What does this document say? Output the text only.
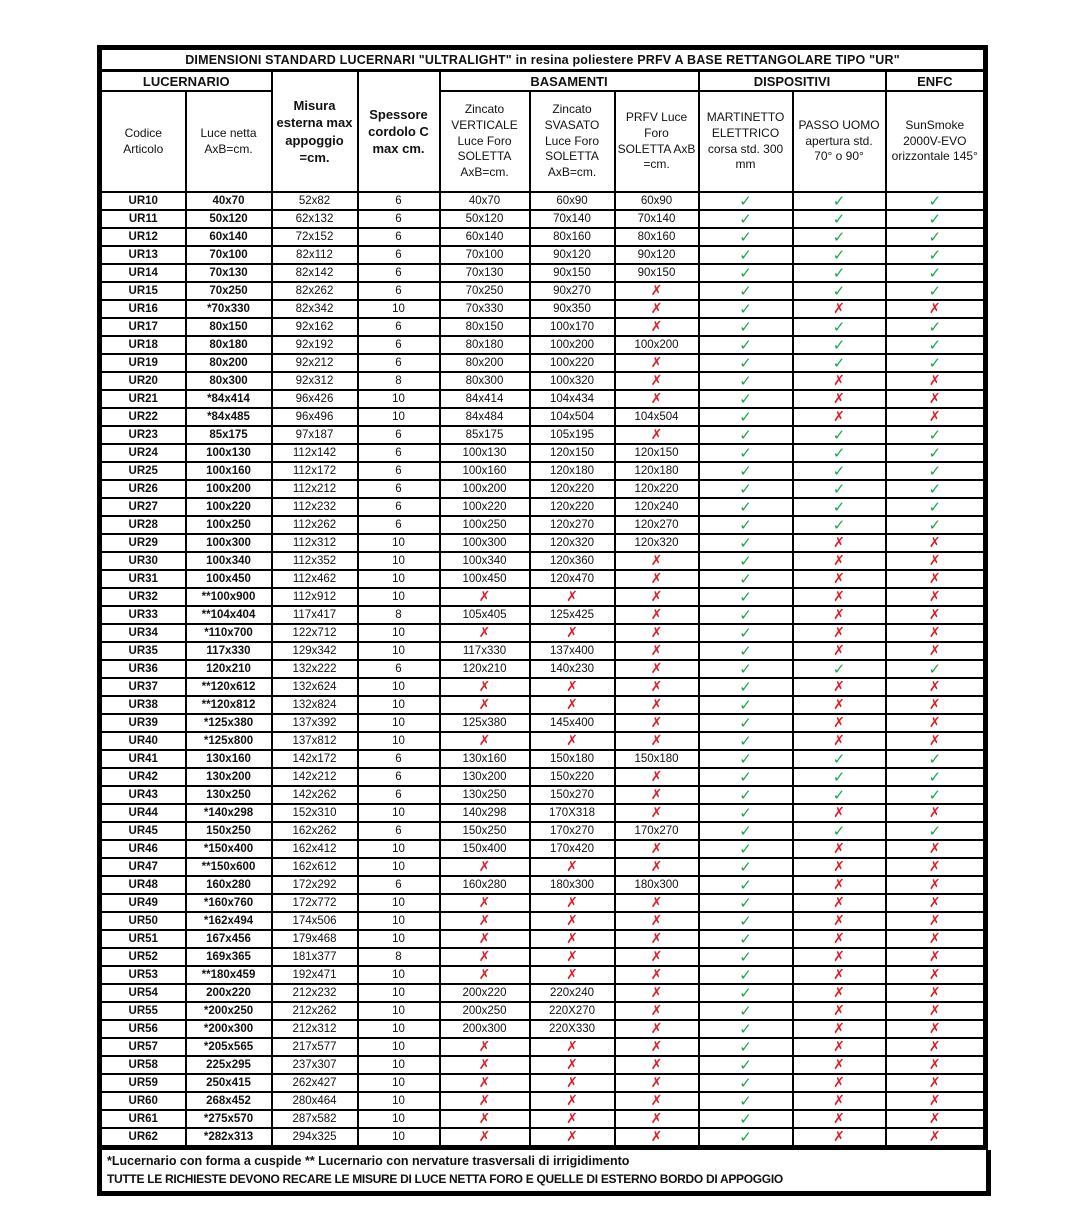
DIMENSIONI STANDARD LUCERNARI "ULTRALIGHT" in resina poliestere PRFV A BASE RETTANGOLARE TIPO "UR"									
LUCERNARIO		Misura esterna max appoggio =cm.	Spessore cordolo C max cm.	BASAMENTI			DISPOSITIVI		ENFC
Codice Articolo	Luce netta AxB=cm.			Zincato VERTICALE Luce Foro SOLETTA AxB=cm.	Zincato SVASATO Luce Foro SOLETTA AxB=cm.	PRFV Luce Foro SOLETTA AxB =cm.	MARTINETTO ELETTRICO corsa std. 300 mm	PASSO UOMO apertura std. 70° o 90°	SunSmoke 2000V-EVO orizzontale 145°
UR10	40x70	52x82	6	40x70	60x90	60x90	✓	✓	✓
UR11	50x120	62x132	6	50x120	70x140	70x140	✓	✓	✓
UR12	60x140	72x152	6	60x140	80x160	80x160	✓	✓	✓
UR13	70x100	82x112	6	70x100	90x120	90x120	✓	✓	✓
UR14	70x130	82x142	6	70x130	90x150	90x150	✓	✓	✓
UR15	70x250	82x262	6	70x250	90x270	✗	✓	✓	✓
UR16	*70x330	82x342	10	70x330	90x350	✗	✓	✗	✗
UR17	80x150	92x162	6	80x150	100x170	✗	✓	✓	✓
UR18	80x180	92x192	6	80x180	100x200	100x200	✓	✓	✓
UR19	80x200	92x212	6	80x200	100x220	✗	✓	✓	✓
UR20	80x300	92x312	8	80x300	100x320	✗	✓	✗	✗
UR21	*84x414	96x426	10	84x414	104x434	✗	✓	✗	✗
UR22	*84x485	96x496	10	84x484	104x504	104x504	✓	✗	✗
UR23	85x175	97x187	6	85x175	105x195	✗	✓	✓	✓
UR24	100x130	112x142	6	100x130	120x150	120x150	✓	✓	✓
UR25	100x160	112x172	6	100x160	120x180	120x180	✓	✓	✓
UR26	100x200	112x212	6	100x200	120x220	120x220	✓	✓	✓
UR27	100x220	112x232	6	100x220	120x220	120x240	✓	✓	✓
UR28	100x250	112x262	6	100x250	120x270	120x270	✓	✓	✓
UR29	100x300	112x312	10	100x300	120x320	120x320	✓	✗	✗
UR30	100x340	112x352	10	100x340	120x360	✗	✓	✗	✗
UR31	100x450	112x462	10	100x450	120x470	✗	✓	✗	✗
UR32	**100x900	112x912	10	✗	✗	✗	✓	✗	✗
UR33	**104x404	117x417	8	105x405	125x425	✗	✓	✗	✗
UR34	*110x700	122x712	10	✗	✗	✗	✓	✗	✗
UR35	117x330	129x342	10	117x330	137x400	✗	✓	✗	✗
UR36	120x210	132x222	6	120x210	140x230	✗	✓	✓	✓
UR37	**120x612	132x624	10	✗	✗	✗	✓	✗	✗
UR38	**120x812	132x824	10	✗	✗	✗	✓	✗	✗
UR39	*125x380	137x392	10	125x380	145x400	✗	✓	✗	✗
UR40	*125x800	137x812	10	✗	✗	✗	✓	✗	✗
UR41	130x160	142x172	6	130x160	150x180	150x180	✓	✓	✓
UR42	130x200	142x212	6	130x200	150x220	✗	✓	✓	✓
UR43	130x250	142x262	6	130x250	150x270	✗	✓	✓	✓
UR44	*140x298	152x310	10	140x298	170X318	✗	✓	✗	✗
UR45	150x250	162x262	6	150x250	170x270	170x270	✓	✓	✓
UR46	*150x400	162x412	10	150x400	170x420	✗	✓	✗	✗
UR47	**150x600	162x612	10	✗	✗	✗	✓	✗	✗
UR48	160x280	172x292	6	160x280	180x300	180x300	✓	✗	✗
UR49	*160x760	172x772	10	✗	✗	✗	✓	✗	✗
UR50	*162x494	174x506	10	✗	✗	✗	✓	✗	✗
UR51	167x456	179x468	10	✗	✗	✗	✓	✗	✗
UR52	169x365	181x377	8	✗	✗	✗	✓	✗	✗
UR53	**180x459	192x471	10	✗	✗	✗	✓	✗	✗
UR54	200x220	212x232	10	200x220	220x240	✗	✓	✗	✗
UR55	*200x250	212x262	10	200x250	220X270	✗	✓	✗	✗
UR56	*200x300	212x312	10	200x300	220X330	✗	✓	✗	✗
UR57	*205x565	217x577	10	✗	✗	✗	✓	✗	✗
UR58	225x295	237x307	10	✗	✗	✗	✓	✗	✗
UR59	250x415	262x427	10	✗	✗	✗	✓	✗	✗
UR60	268x452	280x464	10	✗	✗	✗	✓	✗	✗
UR61	*275x570	287x582	10	✗	✗	✗	✓	✗	✗
UR62	*282x313	294x325	10	✗	✗	✗	✓	✗	✗
*Lucernario con forma a cuspide ** Lucernario con nervature trasversali di irrigidimento
TUTTE LE RICHIESTE DEVONO RECARE LE MISURE DI LUCE NETTA FORO E QUELLE DI ESTERNO BORDO DI APPOGGIO
